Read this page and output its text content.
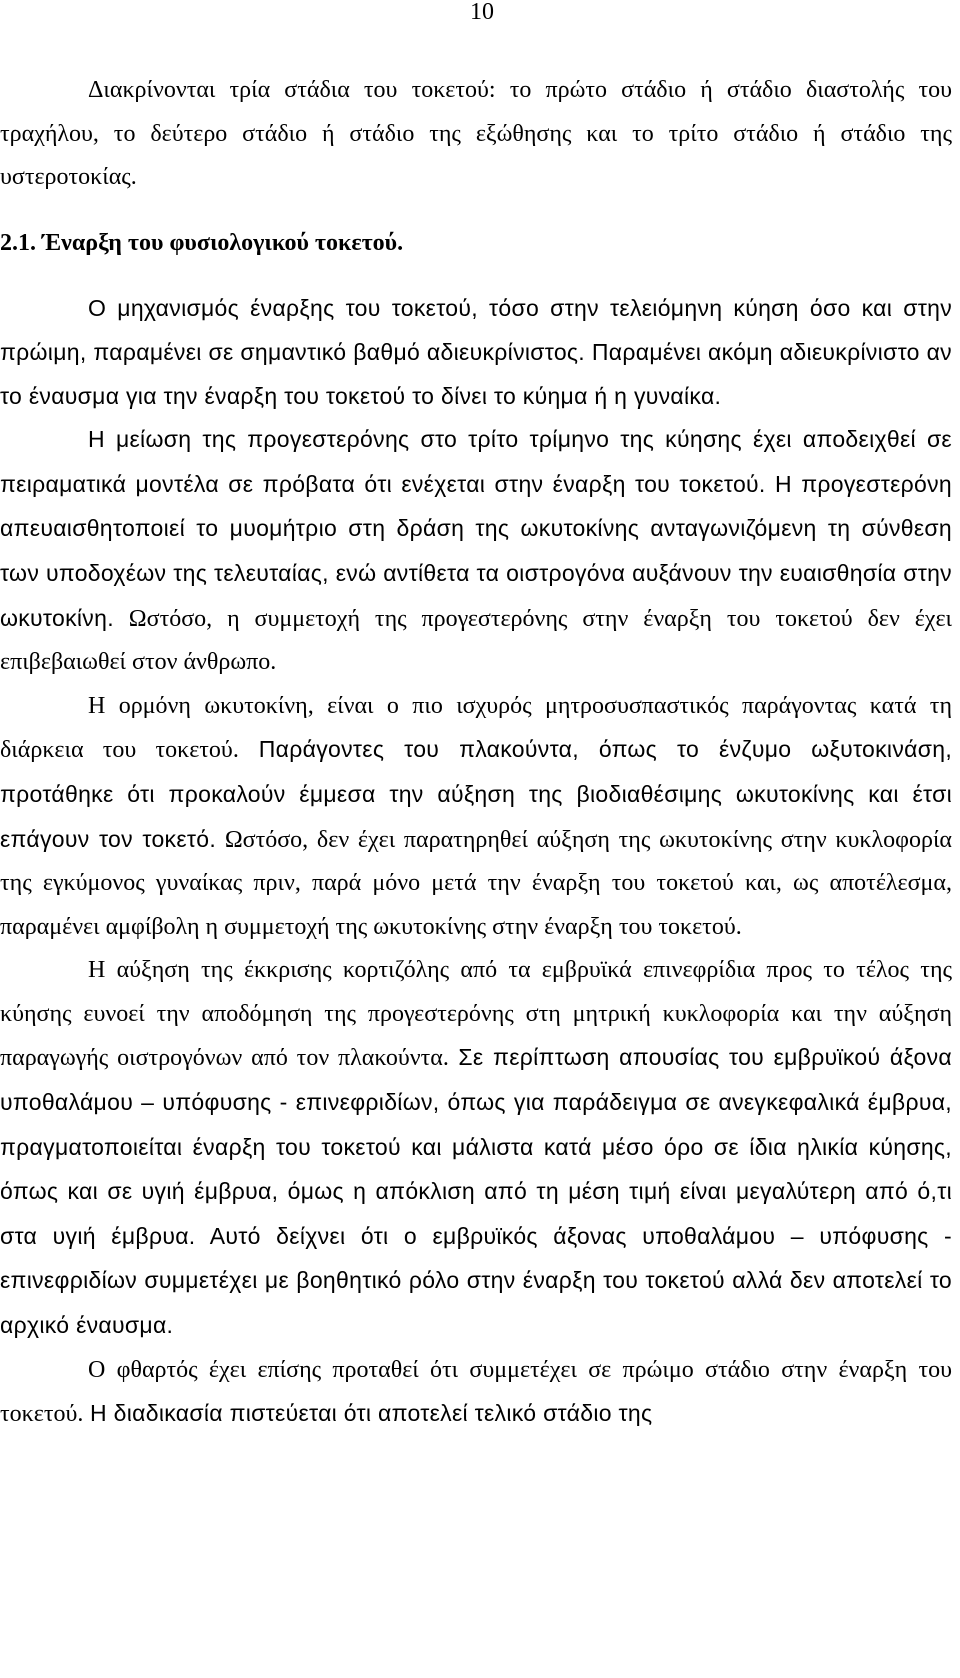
10

Διακρίνονται τρία στάδια του τοκετού: το πρώτο στάδιο ή στάδιο διαστολής του τραχήλου, το δεύτερο στάδιο ή στάδιο της εξώθησης και το τρίτο στάδιο ή στάδιο της υστεροτοκίας.

2.1. Έναρξη του φυσιολογικού τοκετού.

Ο μηχανισμός έναρξης του τοκετού, τόσο στην τελειόμηνη κύηση όσο και στην πρώιμη, παραμένει σε σημαντικό βαθμό αδιευκρίνιστος. Παραμένει ακόμη αδιευκρίνιστο αν το έναυσμα για την έναρξη του τοκετού το δίνει το κύημα ή η γυναίκα.

Η μείωση της προγεστερόνης στο τρίτο τρίμηνο της κύησης έχει αποδειχθεί σε πειραματικά μοντέλα σε πρόβατα ότι ενέχεται στην έναρξη του τοκετού. Η προγεστερόνη απευαισθητοποιεί το μυομήτριο στη δράση της ωκυτοκίνης ανταγωνιζόμενη τη σύνθεση των υποδοχέων της τελευταίας, ενώ αντίθετα τα οιστρογόνα αυξάνουν την ευαισθησία στην ωκυτοκίνη. Ωστόσο, η συμμετοχή της προγεστερόνης στην έναρξη του τοκετού δεν έχει επιβεβαιωθεί στον άνθρωπο.

Η ορμόνη ωκυτοκίνη, είναι ο πιο ισχυρός μητροσυσπαστικός παράγοντας κατά τη διάρκεια του τοκετού. Παράγοντες του πλακούντα, όπως το ένζυμο ωξυτοκινάση, προτάθηκε ότι προκαλούν έμμεσα την αύξηση της βιοδιαθέσιμης ωκυτοκίνης και έτσι επάγουν τον τοκετό. Ωστόσο, δεν έχει παρατηρηθεί αύξηση της ωκυτοκίνης στην κυκλοφορία της εγκύμονος γυναίκας πριν, παρά μόνο μετά την έναρξη του τοκετού και, ως αποτέλεσμα, παραμένει αμφίβολη η συμμετοχή της ωκυτοκίνης στην έναρξη του τοκετού.

Η αύξηση της έκκρισης κορτιζόλης από τα εμβρυϊκά επινεφρίδια προς το τέλος της κύησης ευνοεί την αποδόμηση της προγεστερόνης στη μητρική κυκλοφορία και την αύξηση παραγωγής οιστρογόνων από τον πλακούντα. Σε περίπτωση απουσίας του εμβρυϊκού άξονα υποθαλάμου – υπόφυσης - επινεφριδίων, όπως για παράδειγμα σε ανεγκεφαλικά έμβρυα, πραγματοποιείται έναρξη του τοκετού και μάλιστα κατά μέσο όρο σε ίδια ηλικία κύησης, όπως και σε υγιή έμβρυα, όμως η απόκλιση από τη μέση τιμή είναι μεγαλύτερη από ό,τι στα υγιή έμβρυα. Αυτό δείχνει ότι ο εμβρυϊκός άξονας υποθαλάμου – υπόφυσης - επινεφριδίων συμμετέχει με βοηθητικό ρόλο στην έναρξη του τοκετού αλλά δεν αποτελεί το αρχικό έναυσμα.

Ο φθαρτός έχει επίσης προταθεί ότι συμμετέχει σε πρώιμο στάδιο στην έναρξη του τοκετού. Η διαδικασία πιστεύεται ότι αποτελεί τελικό στάδιο της
